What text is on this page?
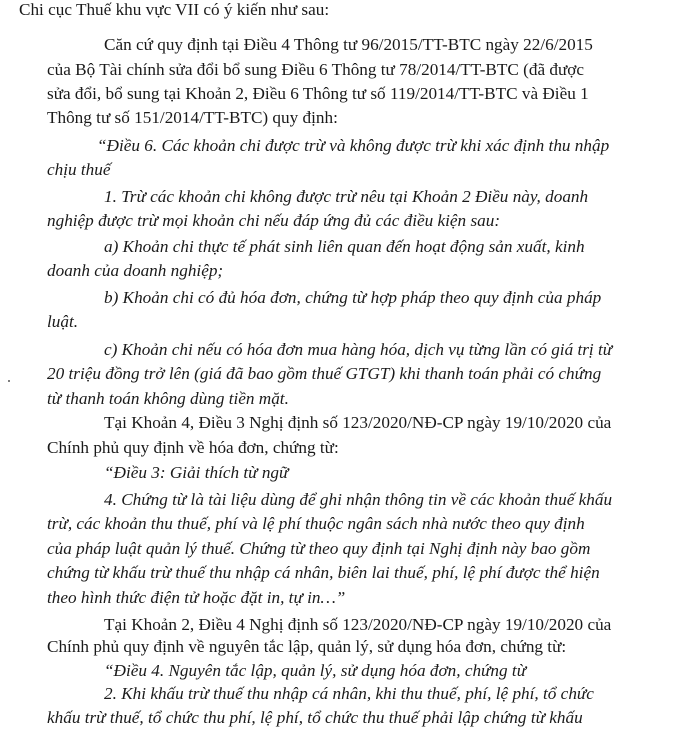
Chi cục Thuế khu vực VII có ý kiến như sau:
Căn cứ quy định tại Điều 4 Thông tư 96/2015/TT-BTC ngày 22/6/2015
của Bộ Tài chính sửa đổi bổ sung Điều 6 Thông tư 78/2014/TT-BTC (đã được
sửa đổi, bổ sung tại Khoản 2, Điều 6 Thông tư số 119/2014/TT-BTC và Điều 1
Thông tư số 151/2014/TT-BTC) quy định:
“Điều 6. Các khoản chi được trừ và không được trừ khi xác định thu nhập
chịu thuế
1. Trừ các khoản chi không được trừ nêu tại Khoản 2 Điều này, doanh
nghiệp được trừ mọi khoản chi nếu đáp ứng đủ các điều kiện sau:
a) Khoản chi thực tế phát sinh liên quan đến hoạt động sản xuất, kinh
doanh của doanh nghiệp;
b) Khoản chi có đủ hóa đơn, chứng từ hợp pháp theo quy định của pháp
luật.
c) Khoản chi nếu có hóa đơn mua hàng hóa, dịch vụ từng lần có giá trị từ
20 triệu đồng trở lên (giá đã bao gồm thuế GTGT) khi thanh toán phải có chứng
từ thanh toán không dùng tiền mặt.
Tại Khoản 4, Điều 3 Nghị định số 123/2020/NĐ-CP ngày 19/10/2020 của
Chính phủ quy định về hóa đơn, chứng từ:
“Điều 3: Giải thích từ ngữ
4. Chứng từ là tài liệu dùng để ghi nhận thông tin về các khoản thuế khấu
trừ, các khoản thu thuế, phí và lệ phí thuộc ngân sách nhà nước theo quy định
của pháp luật quản lý thuế. Chứng từ theo quy định tại Nghị định này bao gồm
chứng từ khấu trừ thuế thu nhập cá nhân, biên lai thuế, phí, lệ phí được thể hiện
theo hình thức điện tử hoặc đặt in, tự in…”
Tại Khoản 2, Điều 4 Nghị định số 123/2020/NĐ-CP ngày 19/10/2020 của
Chính phủ quy định về nguyên tắc lập, quản lý, sử dụng hóa đơn, chứng từ:
“Điều 4. Nguyên tắc lập, quản lý, sử dụng hóa đơn, chứng từ
2. Khi khấu trừ thuế thu nhập cá nhân, khi thu thuế, phí, lệ phí, tổ chức
khấu trừ thuế, tổ chức thu phí, lệ phí, tổ chức thu thuế phải lập chứng từ khấu
